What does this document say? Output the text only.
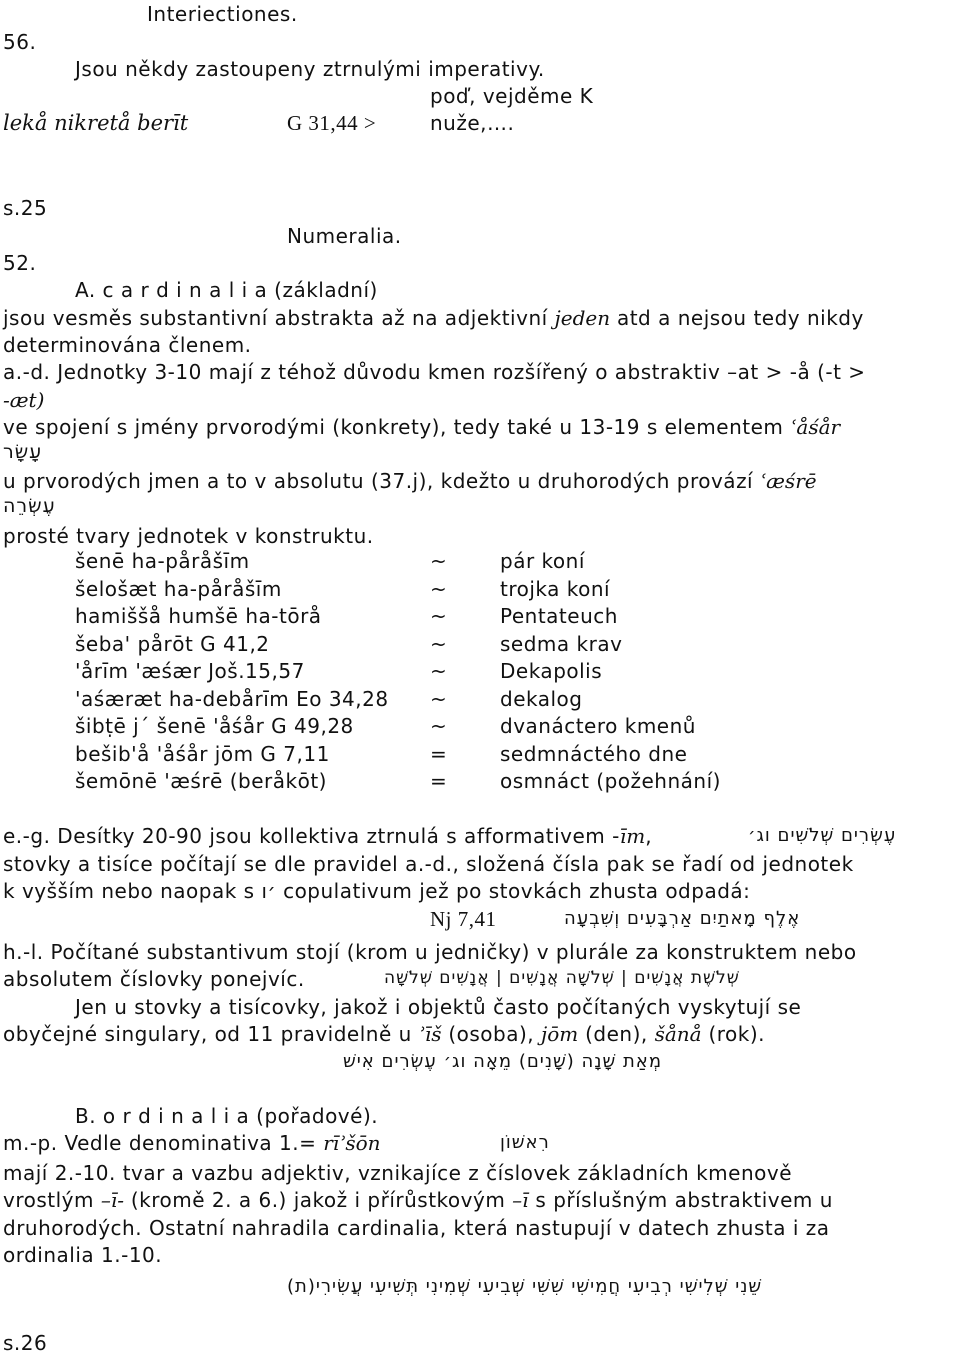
Interiectiones.
56.
Jsou někdy zastoupeny ztrnulými imperativy.
poď, vejděme K
lekå nikretå berīt	G 31,44 >	nuže,….
s.25
Numeralia.
52.
A. c a r d i n a l i a (základní)
jsou vesměs substantivní abstrakta až na adjektivní jeden atd a nejsou tedy nikdy
determinována členem.
a.-d. Jednotky 3-10 mají z téhož důvodu kmen rozšířený o abstraktiv –at > -å (-t >
-æt)
ve spojení s jmény prvorodými (konkrety), tedy také u 13-19 s elementem ʿåśår
עָשָׂר
u prvorodých jmen a to v absolutu (37.j), kdežto u druhorodých provází ʿæśrē
עֶשְׂרֵה
prosté tvary jednotek v konstruktu.
šenē ha-påråšīm	~	pár koní
šelošæt ha-påråšīm	~	trojka koní
hamiššå humšē ha-tōrå	~	Pentateuch
šeba' pårōt G 41,2	~	sedma krav
'årīm 'æśær Još.15,57	~	Dekapolis
'aśæræt ha-debårīm Eo 34,28 ~	dekalog
šibṭē j´ šenē 'åśår G 49,28	~	dvanáctero kmenů
bešib'å 'åśår jōm G 7,11	=	sedmnáctého dne
šemōnē 'æśrē (beråkōt)	=	osmnáct (požehnání)
e.-g. Desítky 20-90 jsou kollektiva ztrnulá s afformativem -īm,	עֶשְׂרִים שְׁלֹשִׁים וג׳
stovky a tisíce počítají se dle pravidel a.-d., složená čísla pak se řadí od jednotek
k vyšším nebo naopak s ׳ו copulativum jež po stovkách zhusta odpadá:
Nj 7,41	אֶלֶף מָאתַיִם אַרְבָּעִים וְשִׁבְעָה
h.-l. Počítané substantivum stojí (krom u jedničky) v plurále za konstruktem nebo
absolutem číslovky ponejvíc.	שְׁלֹשֶׁת אֲנָשִׁים | שְׁלֹשָׁה אֲנָשִׁים | אֲנָשִׁים שְׁלֹשָׁה
Jen u stovky a tisícovky, jakož i objektů často počítaných vyskytují se
obyčejné singulary, od 11 pravidelně u ʾīš (osoba), jōm (den), šånå (rok).
מְאַת שָׁנָה (שָׁנִים) מֵאָה וג׳ עֶשְׂרִים אִישׁ
B. o r d i n a l i a (pořadové).
m.-p. Vedle denominativa 1.= rīʾšōn	רִאשׁוֹן
mají 2.-10. tvar a vazbu adjektiv, vznikajíce z číslovek základních kmenově
vrostlým –ī- (kromě 2. a 6.) jakož i přírůstkovým –ī s příslušným abstraktivem u
druhorodých. Ostatní nahradila cardinalia, která nastupují v datech zhusta i za
ordinalia 1.-10.
שֵׁנִי שְׁלִישִׁי רְבִיעִי חֲמִישִׁי שִׁשִּׁי שְׁבִיעִי שְׁמִינִי תְּשִׁיעִי עֲשִׂירִי(ת)
s.26
